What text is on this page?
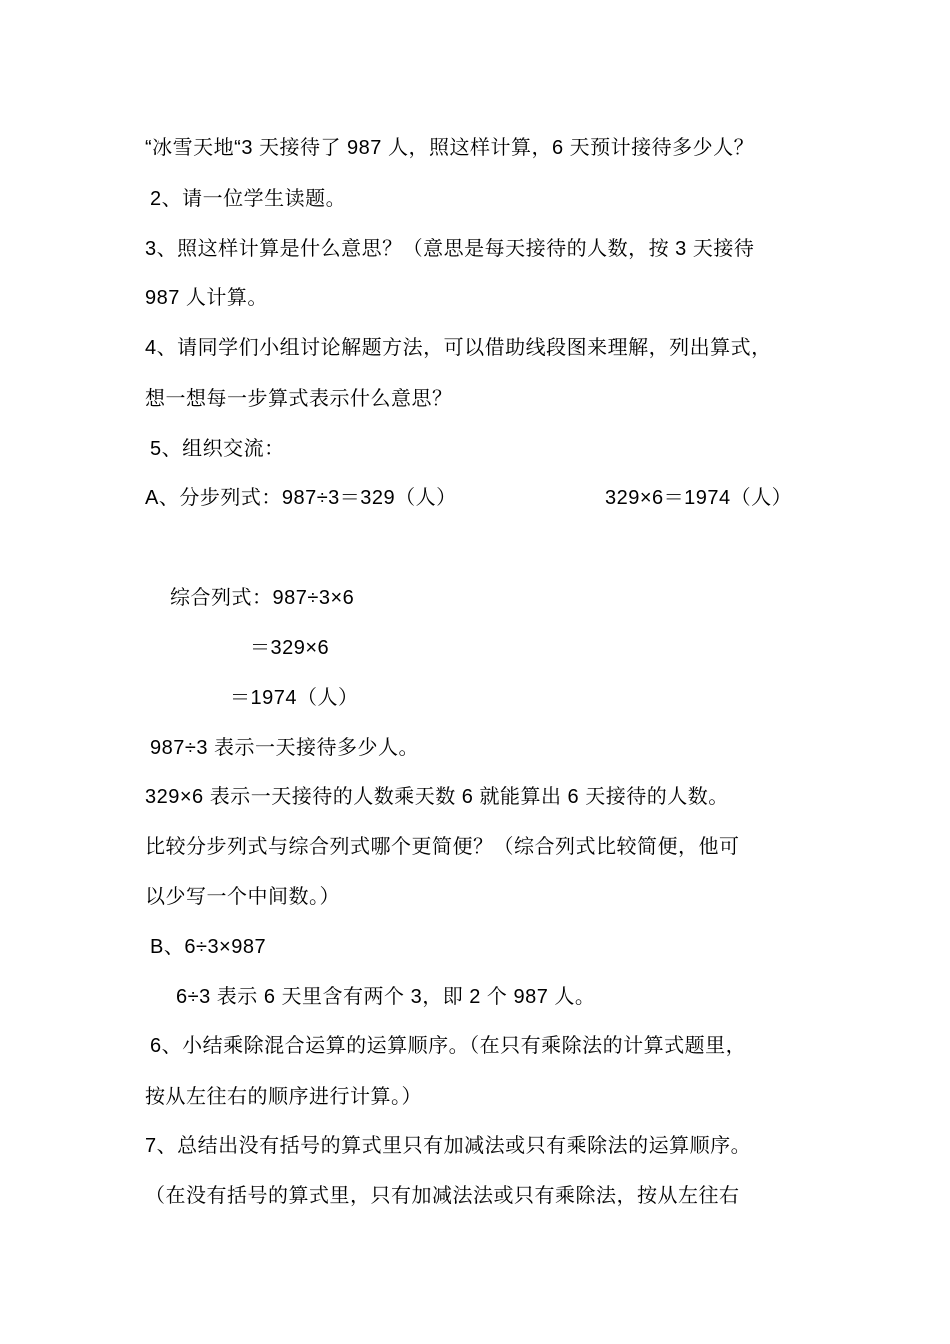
“冰雪天地“3 天接待了 987 人，照这样计算，6 天预计接待多少人？
2、请一位学生读题。
3、照这样计算是什么意思？（意思是每天接待的人数，按 3 天接待
987 人计算。
4、请同学们小组讨论解题方法，可以借助线段图来理解，列出算式，
想一想每一步算式表示什么意思？
5、组织交流：
A、分步列式：987÷3＝329（人）	329×6＝1974（人）
综合列式：987÷3×6
＝329×6
＝1974（人）
987÷3 表示一天接待多少人。
329×6 表示一天接待的人数乘天数 6 就能算出 6 天接待的人数。
比较分步列式与综合列式哪个更简便？（综合列式比较简便，他可
以少写一个中间数。）
B、6÷3×987
6÷3 表示 6 天里含有两个 3，即 2 个 987 人。
6、小结乘除混合运算的运算顺序。（在只有乘除法的计算式题里，
按从左往右的顺序进行计算。）
7、总结出没有括号的算式里只有加减法或只有乘除法的运算顺序。
（在没有括号的算式里，只有加减法法或只有乘除法，按从左往右
